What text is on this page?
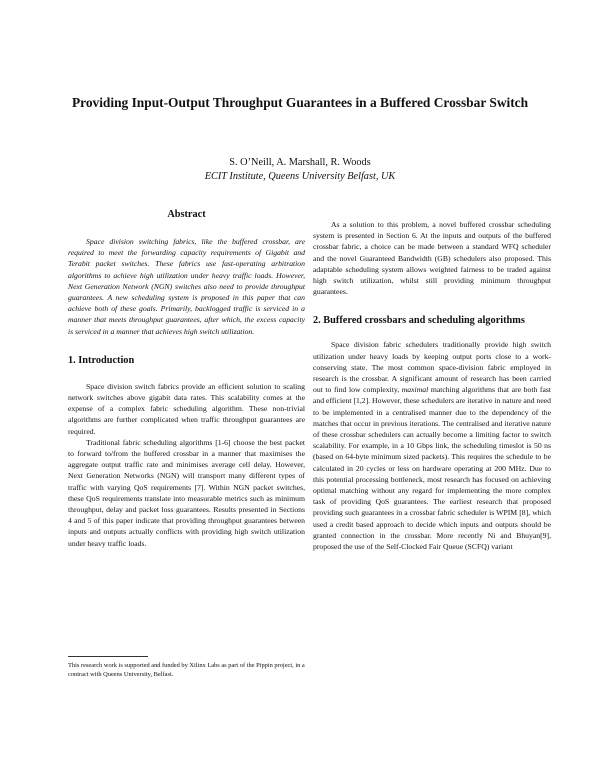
Providing Input-Output Throughput Guarantees in a Buffered Crossbar Switch
S. O’Neill, A. Marshall, R. Woods
ECIT Institute, Queens University Belfast, UK
Abstract

Space division switching fabrics, like the buffered crossbar, are required to meet the forwarding capacity requirements of Gigabit and Terabit packet switches. These fabrics use fast-operating arbitration algorithms to achieve high utilization under heavy traffic loads. However, Next Generation Network (NGN) switches also need to provide throughput guarantees. A new scheduling system is proposed in this paper that can achieve both of these goals. Primarily, backlogged traffic is serviced in a manner that meets throughput guarantees, after which, the excess capacity is serviced in a manner that achieves high switch utilization.

1. Introduction

Space division switch fabrics provide an efficient solution to scaling network switches above gigabit data rates. This scalability comes at the expense of a complex fabric scheduling algorithm. These non-trivial algorithms are further complicated when traffic throughput guarantees are required.

Traditional fabric scheduling algorithms [1-6] choose the best packet to forward to/from the buffered crossbar in a manner that maximises the aggregate output traffic rate and minimises average cell delay. However, Next Generation Networks (NGN) will transport many different types of traffic with varying QoS requirements [7]. Within NGN packet switches, these QoS requirements translate into measurable metrics such as minimum throughput, delay and packet loss guarantees. Results presented in Sections 4 and 5 of this paper indicate that providing throughput guarantees between inputs and outputs actually conflicts with providing high switch utilization under heavy traffic loads.

This research work is supported and funded by Xilinx Labs as part of the Pippin project, in a contract with Queens University, Belfast.

As a solution to this problem, a novel buffered crossbar scheduling system is presented in Section 6. At the inputs and outputs of the buffered crossbar fabric, a choice can be made between a standard WFQ scheduler and the novel Guaranteed Bandwidth (GB) schedulers also proposed. This adaptable scheduling system allows weighted fairness to be traded against high switch utilization, whilst still providing minimum throughput guarantees.

2. Buffered crossbars and scheduling algorithms

Space division fabric schedulers traditionally provide high switch utilization under heavy loads by keeping output ports close to a work-conserving state. The most common space-division fabric employed in research is the crossbar. A significant amount of research has been carried out to find low complexity, maximal matching algorithms that are both fast and efficient [1,2]. However, these schedulers are iterative in nature and need to be implemented in a centralised manner due to the dependency of the matches that occur in previous iterations. The centralised and iterative nature of these crossbar schedulers can actually become a limiting factor to switch scalability. For example, in a 10 Gbps link, the scheduling timeslot is 50 ns (based on 64-byte minimum sized packets). This requires the schedule to be calculated in 20 cycles or less on hardware operating at 200 MHz. Due to this potential processing bottleneck, most research has focused on achieving optimal matching without any regard for implementing the more complex task of providing QoS guarantees. The earliest research that proposed providing such guarantees in a crossbar fabric scheduler is WPIM [8], which used a credit based approach to decide which inputs and outputs should be granted connection in the crossbar. More recently Ni and Bhuyan[9], proposed the use of the Self-Clocked Fair Queue (SCFQ) variant
